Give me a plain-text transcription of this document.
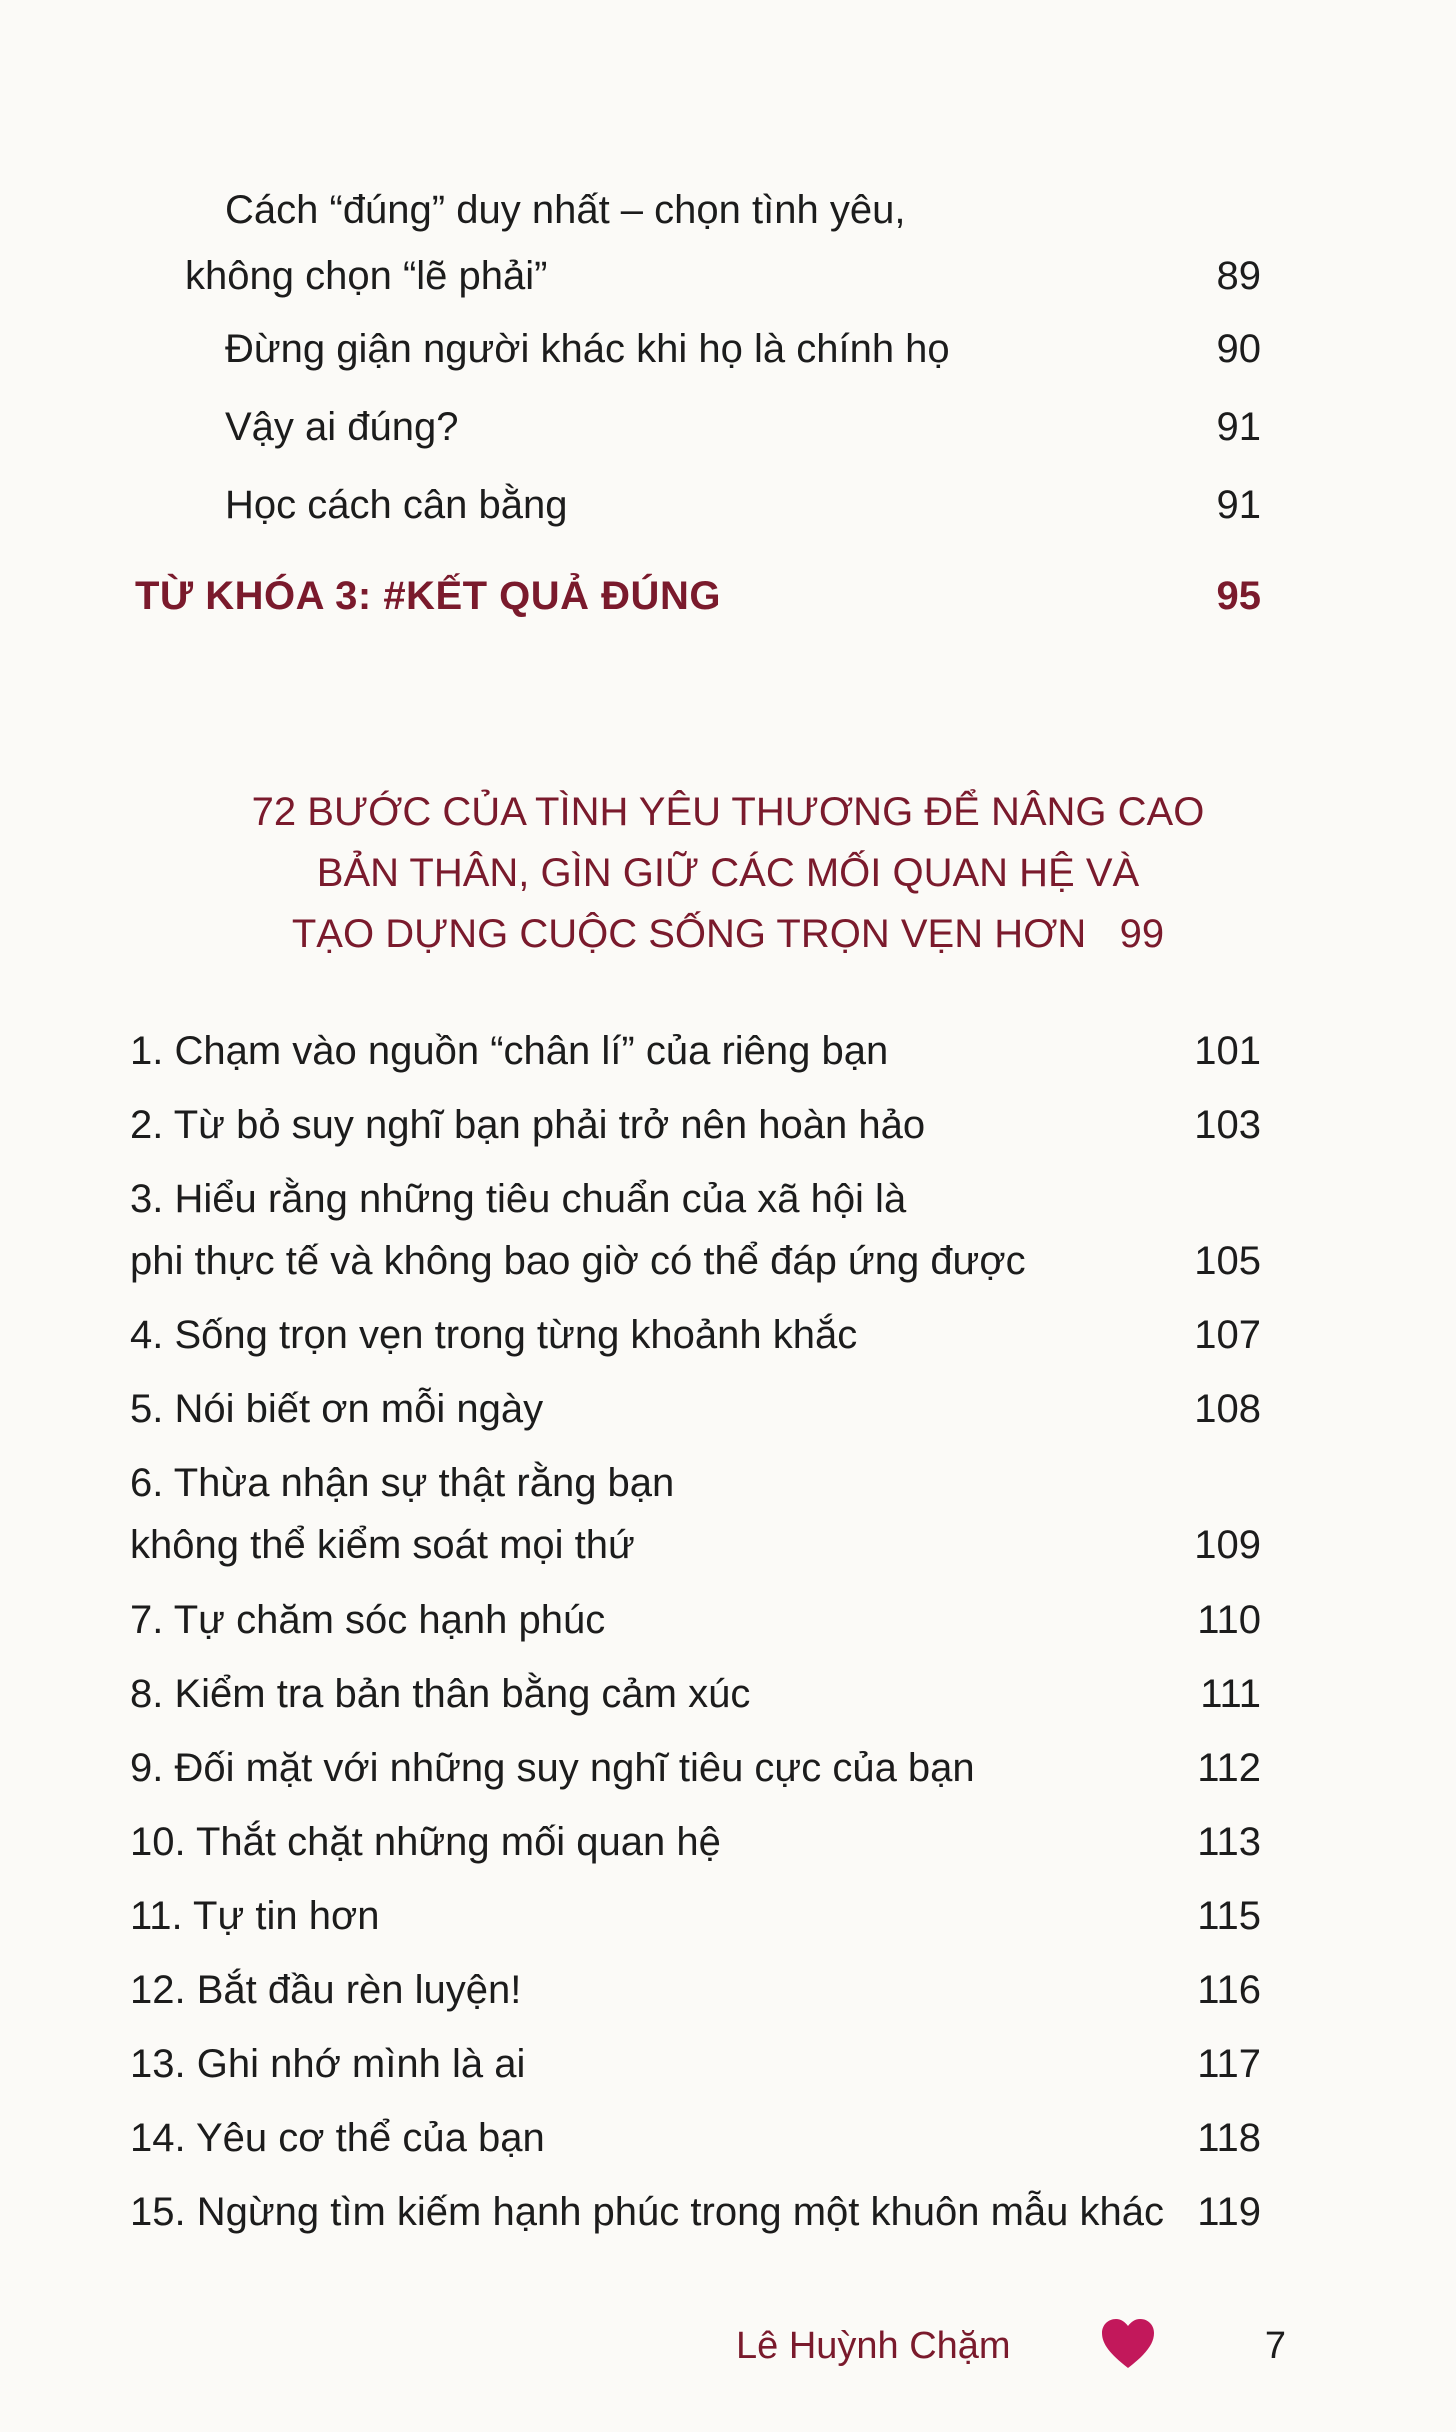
Cách “đúng” duy nhất – chọn tình yêu,
không chọn “lẽ phải”	89
Đừng giận người khác khi họ là chính họ	90
Vậy ai đúng?	91
Học cách cân bằng	91
TỪ KHÓA 3: #KẾT QUẢ ĐÚNG	95
72 BƯỚC CỦA TÌNH YÊU THƯƠNG ĐỂ NÂNG CAO
BẢN THÂN, GÌN GIỮ CÁC MỐI QUAN HỆ VÀ
TẠO DỰNG CUỘC SỐNG TRỌN VẸN HƠN 99
1. Chạm vào nguồn “chân lí” của riêng bạn	101
2. Từ bỏ suy nghĩ bạn phải trở nên hoàn hảo	103
3. Hiểu rằng những tiêu chuẩn của xã hội là
phi thực tế và không bao giờ có thể đáp ứng được	105
4. Sống trọn vẹn trong từng khoảnh khắc	107
5. Nói biết ơn mỗi ngày	108
6. Thừa nhận sự thật rằng bạn
không thể kiểm soát mọi thứ	109
7. Tự chăm sóc hạnh phúc	110
8. Kiểm tra bản thân bằng cảm xúc	111
9. Đối mặt với những suy nghĩ tiêu cực của bạn	112
10. Thắt chặt những mối quan hệ	113
11. Tự tin hơn	115
12. Bắt đầu rèn luyện!	116
13. Ghi nhớ mình là ai	117
14. Yêu cơ thể của bạn	118
15. Ngừng tìm kiếm hạnh phúc trong một khuôn mẫu khác 119
Lê Huỳnh Chặm	7
